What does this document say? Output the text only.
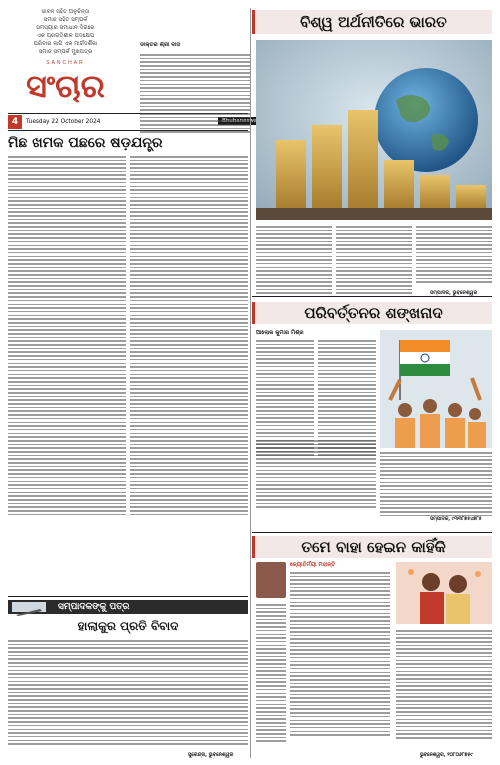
ଜୀବନ ସହିତ ଅନୁଚିନ୍ତା
ସମାଜ ସହିତ ସମ୍ପର୍କ
ସମସ୍ୟାର ସମାଧାନ ଦିଗରେ
ଏକ ପ୍ରଗତିଶୀଳ ପଦକ୍ଷେପ
ପରିବାର ଲାଗି ଏକ ମାର୍ଗଦର୍ଶିକା
ସମାଜ ସମ୍ପର୍କ ମୁଖପତ୍ର
SANCHAR
ସଂଚାର
4	Tuesday 22 October 2024
ବିଶ୍ୱ ଅର୍ଥନୀତିରେ ଭାରତ
ଡାକ୍ତର ଶ୍ରୀ ଦାସ
ସମ୍ପାଦକ, ଭୁବନେଶ୍ୱର
ମିଛ ଖମକ ପଛରେ ଷଡ଼ଯନ୍ତ୍ର
ପରିବର୍ତ୍ତନର ଶଙ୍ଖନାଦ
ଆଲୋକ କୁମାର ମିଶ୍ର
ସମ୍ପାଦକ, ୯୩୩୮୭୫୪୭୮୫
ସମ୍ପାଦକଙ୍କୁ ପତ୍ର
ହାଲାକୁର ପ୍ରତି ବିବାଦ
ସୁରେନ୍ଦ୍ର, ଭୁବନେଶ୍ୱର
ତମେ ବାହା ହେଇନ କାହିଁକି
ଜ୍ୟୋତିର୍ମୟୀ ମହାନ୍ତି
ଭୁବନେଶ୍ୱର, ୨୦୮୦୬୮୭୫୯
